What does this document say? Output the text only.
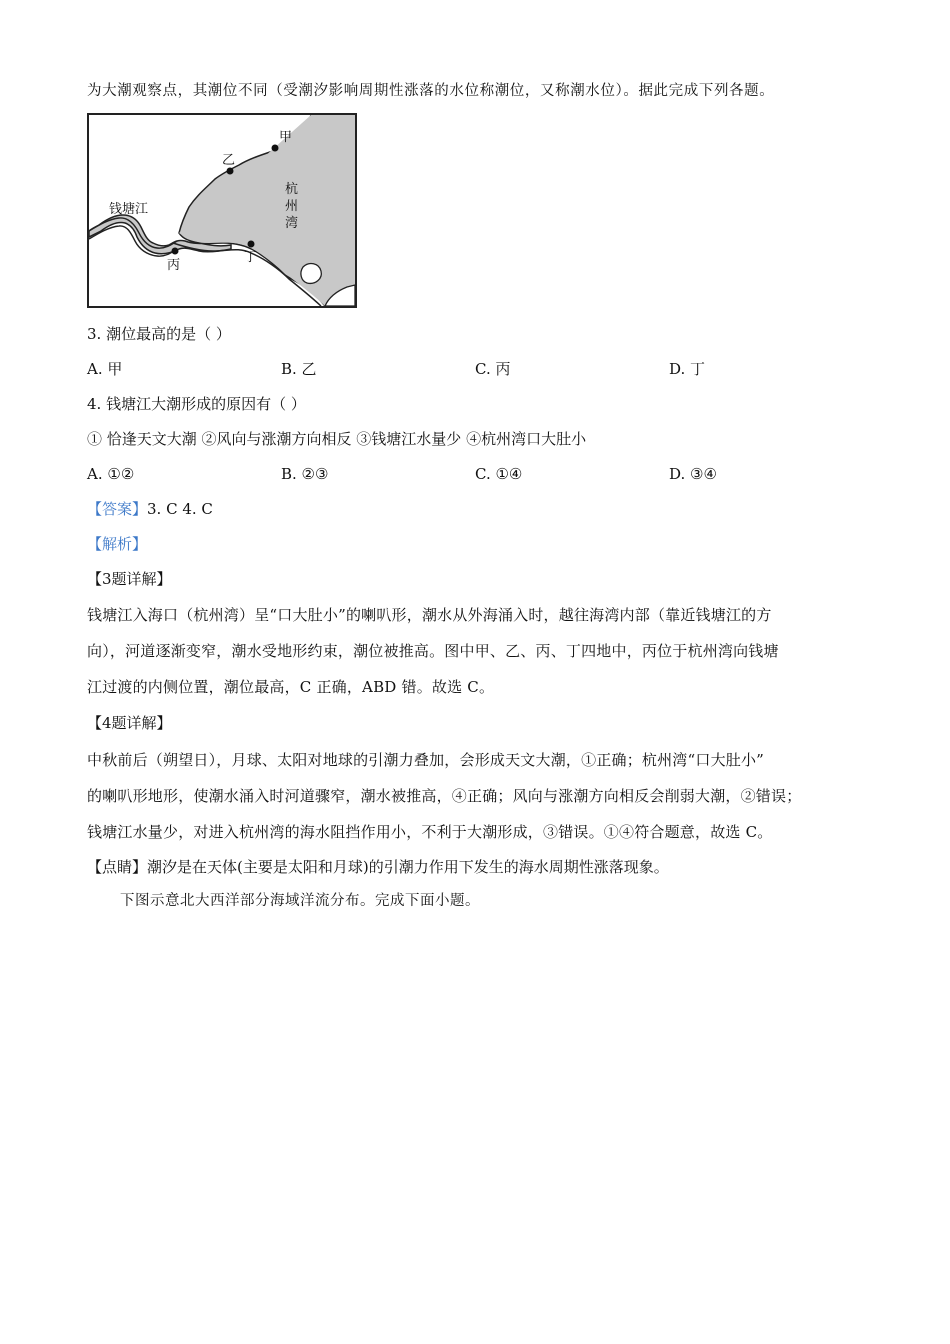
为大潮观察点，其潮位不同（受潮汐影响周期性涨落的水位称潮位，又称潮水位）。据此完成下列各题。
甲
乙
丙
丁
钱塘江
杭
州
湾
3. 潮位最高的是（ ）
A. 甲	B. 乙	C. 丙	D. 丁
4. 钱塘江大潮形成的原因有（ ）
① 恰逢天文大潮 ②风向与涨潮方向相反 ③钱塘江水量少 ④杭州湾口大肚小
A. ①②	B. ②③	C. ①④	D. ③④
【答案】3. C 4. C
【解析】
【3题详解】
钱塘江入海口（杭州湾）呈“口大肚小”的喇叭形，潮水从外海涌入时，越往海湾内部（靠近钱塘江的方
向），河道逐渐变窄，潮水受地形约束，潮位被推高。图中甲、乙、丙、丁四地中，丙位于杭州湾向钱塘
江过渡的内侧位置，潮位最高，C 正确，ABD 错。故选 C。
【4题详解】
中秋前后（朔望日），月球、太阳对地球的引潮力叠加，会形成天文大潮，①正确；杭州湾“口大肚小”
的喇叭形地形，使潮水涌入时河道骤窄，潮水被推高，④正确；风向与涨潮方向相反会削弱大潮，②错误；
钱塘江水量少，对进入杭州湾的海水阻挡作用小，不利于大潮形成，③错误。①④符合题意，故选 C。
【点睛】潮汐是在天体(主要是太阳和月球)的引潮力作用下发生的海水周期性涨落现象。
下图示意北大西洋部分海域洋流分布。完成下面小题。
